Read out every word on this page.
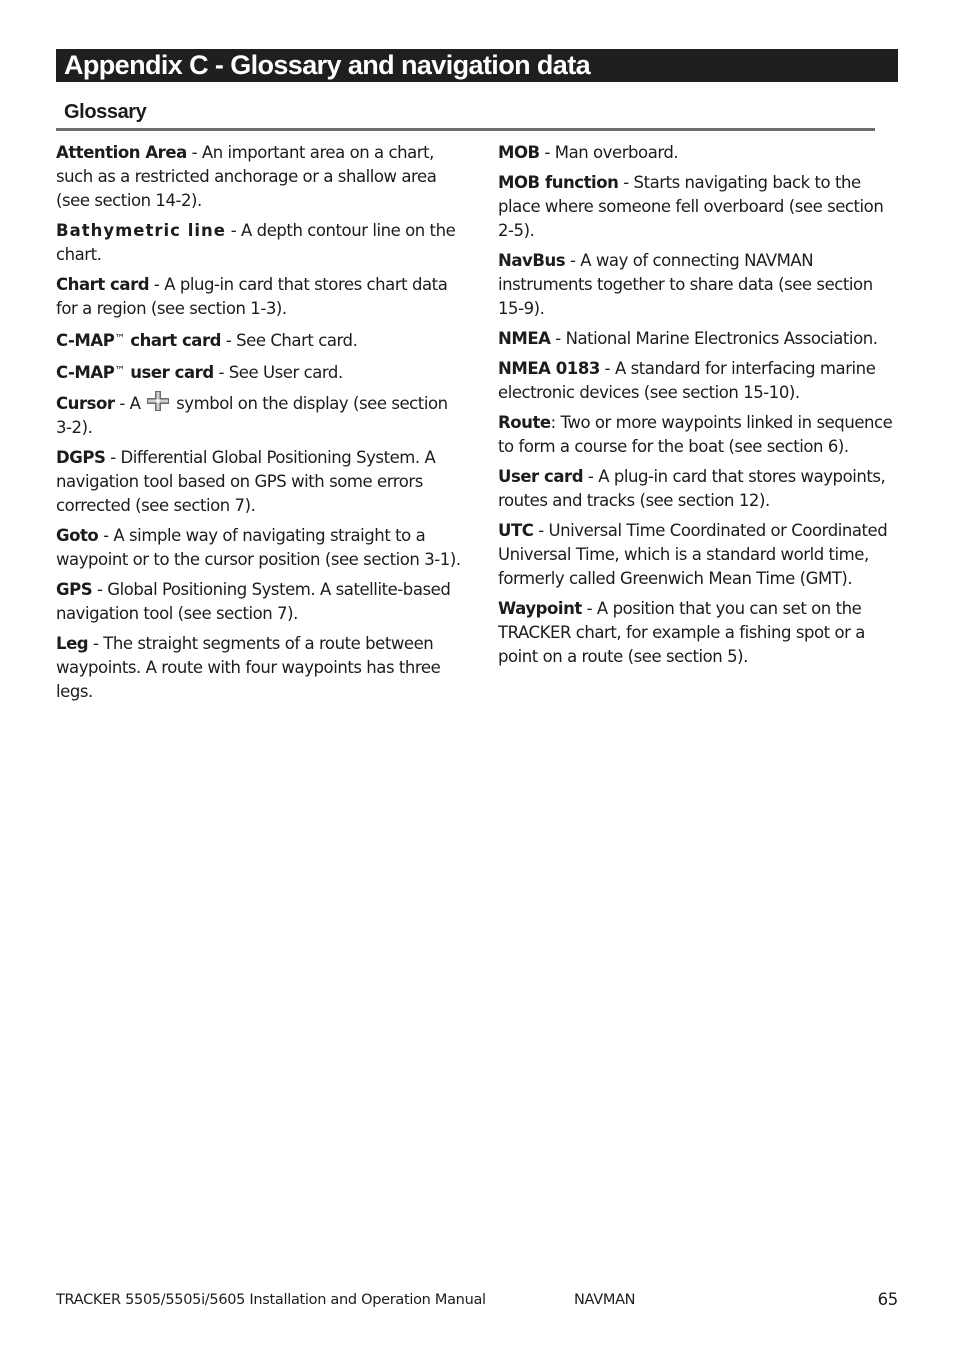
Appendix C - Glossary and navigation data
Glossary

Attention Area - An important area on a chart, such as a restricted anchorage or a shallow area (see section 14-2).

Bathymetric line - A depth contour line on the chart.

Chart card - A plug-in card that stores chart data for a region (see section 1-3).

C-MAP™ chart card - See Chart card.

C-MAP™ user card - See User card.

Cursor - A  symbol on the display (see section 3-2).

DGPS - Differential Global Positioning System. A navigation tool based on GPS with some errors corrected (see section 7).

Goto - A simple way of navigating straight to a waypoint or to the cursor position (see section 3-1).

GPS - Global Positioning System. A satellite-based navigation tool (see section 7).

Leg - The straight segments of a route between waypoints. A route with four waypoints has three legs.

MOB - Man overboard.

MOB function - Starts navigating back to the place where someone fell overboard (see section 2-5).

NavBus - A way of connecting NAVMAN instruments together to share data (see section 15-9).

NMEA - National Marine Electronics Association.

NMEA 0183 - A standard for interfacing marine electronic devices (see section 15-10).

Route: Two or more waypoints linked in sequence to form a course for the boat (see section 6).

User card - A plug-in card that stores waypoints, routes and tracks (see section 12).

UTC - Universal Time Coordinated or Coordinated Universal Time, which is a standard world time, formerly called Greenwich Mean Time (GMT).

Waypoint - A position that you can set on the TRACKER chart, for example a fishing spot or a point on a route (see section 5).

TRACKER 5505/5505i/5605 Installation and Operation Manual	NAVMAN	65
